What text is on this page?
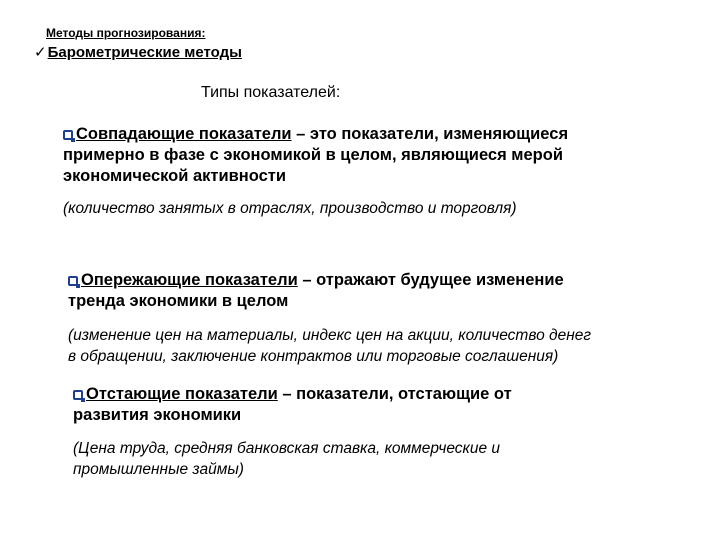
Методы прогнозирования:
✓Барометрические методы
Типы показателей:
Совпадающие показатели – это показатели, изменяющиеся
примерно в фазе с экономикой в целом, являющиеся мерой
экономической активности
(количество занятых в отраслях, производство и торговля)
Опережающие показатели – отражают будущее изменение
тренда экономики в целом
(изменение цен на материалы, индекс цен на акции, количество денег
в обращении, заключение контрактов или торговые соглашения)
Отстающие показатели – показатели, отстающие от
развития экономики
(Цена труда, средняя банковская ставка, коммерческие и
промышленные займы)
